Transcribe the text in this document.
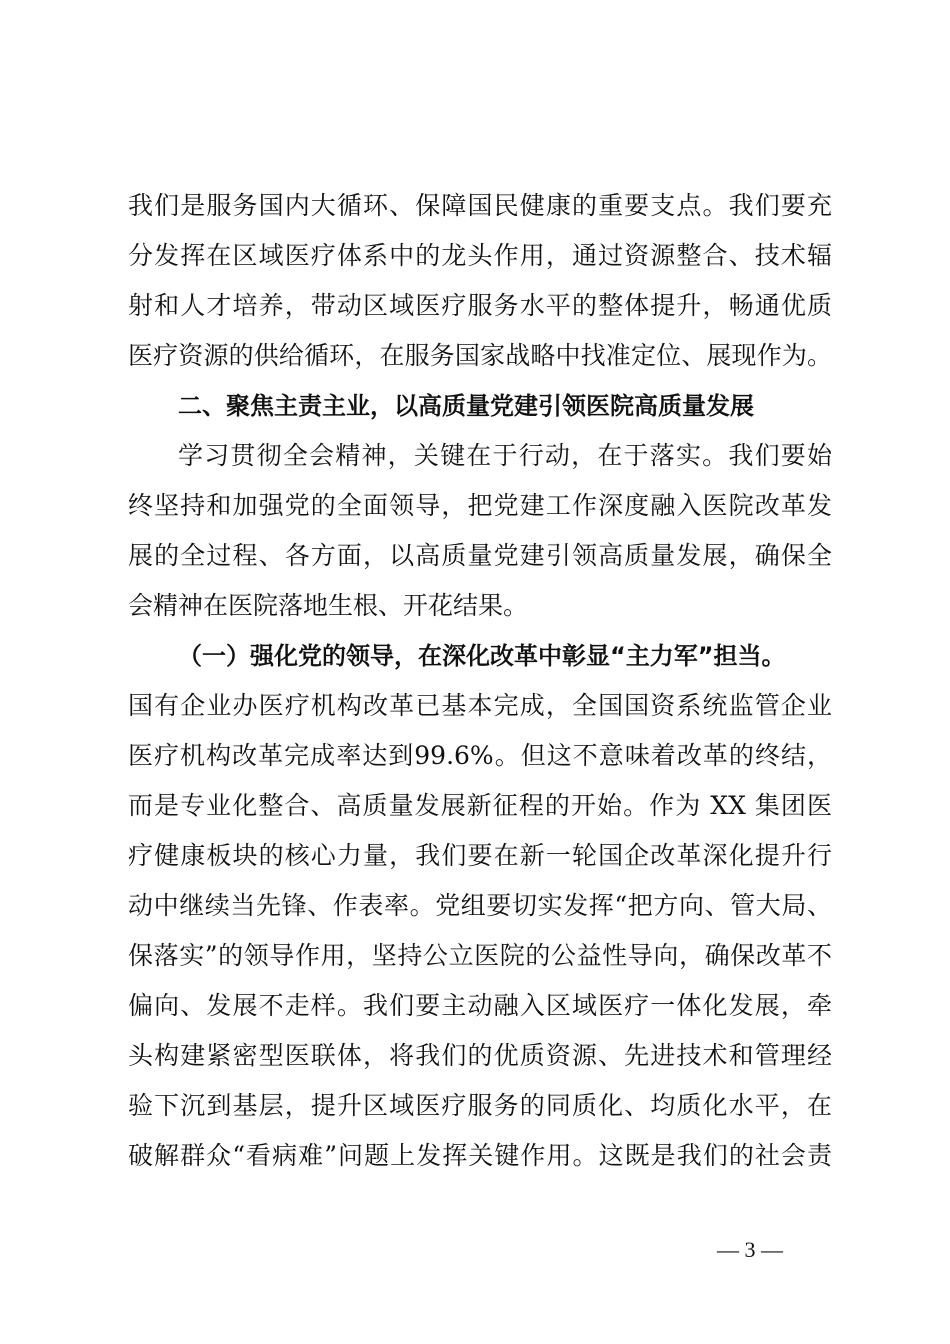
我们是服务国内大循环、保障国民健康的重要支点。我们要充
分发挥在区域医疗体系中的龙头作用，通过资源整合、技术辐
射和人才培养，带动区域医疗服务水平的整体提升，畅通优质
医疗资源的供给循环，在服务国家战略中找准定位、展现作为。
二、聚焦主责主业，以高质量党建引领医院高质量发展
学习贯彻全会精神，关键在于行动，在于落实。我们要始
终坚持和加强党的全面领导，把党建工作深度融入医院改革发
展的全过程、各方面，以高质量党建引领高质量发展，确保全
会精神在医院落地生根、开花结果。
（一）强化党的领导，在深化改革中彰显“主力军”担当。
国有企业办医疗机构改革已基本完成，全国国资系统监管企业
医疗机构改革完成率达到99.6%。但这不意味着改革的终结，
而是专业化整合、高质量发展新征程的开始。作为 XX 集团医
疗健康板块的核心力量，我们要在新一轮国企改革深化提升行
动中继续当先锋、作表率。党组要切实发挥“把方向、管大局、
保落实”的领导作用，坚持公立医院的公益性导向，确保改革不
偏向、发展不走样。我们要主动融入区域医疗一体化发展，牵
头构建紧密型医联体，将我们的优质资源、先进技术和管理经
验下沉到基层，提升区域医疗服务的同质化、均质化水平，在
破解群众“看病难”问题上发挥关键作用。这既是我们的社会责
— 3 —
